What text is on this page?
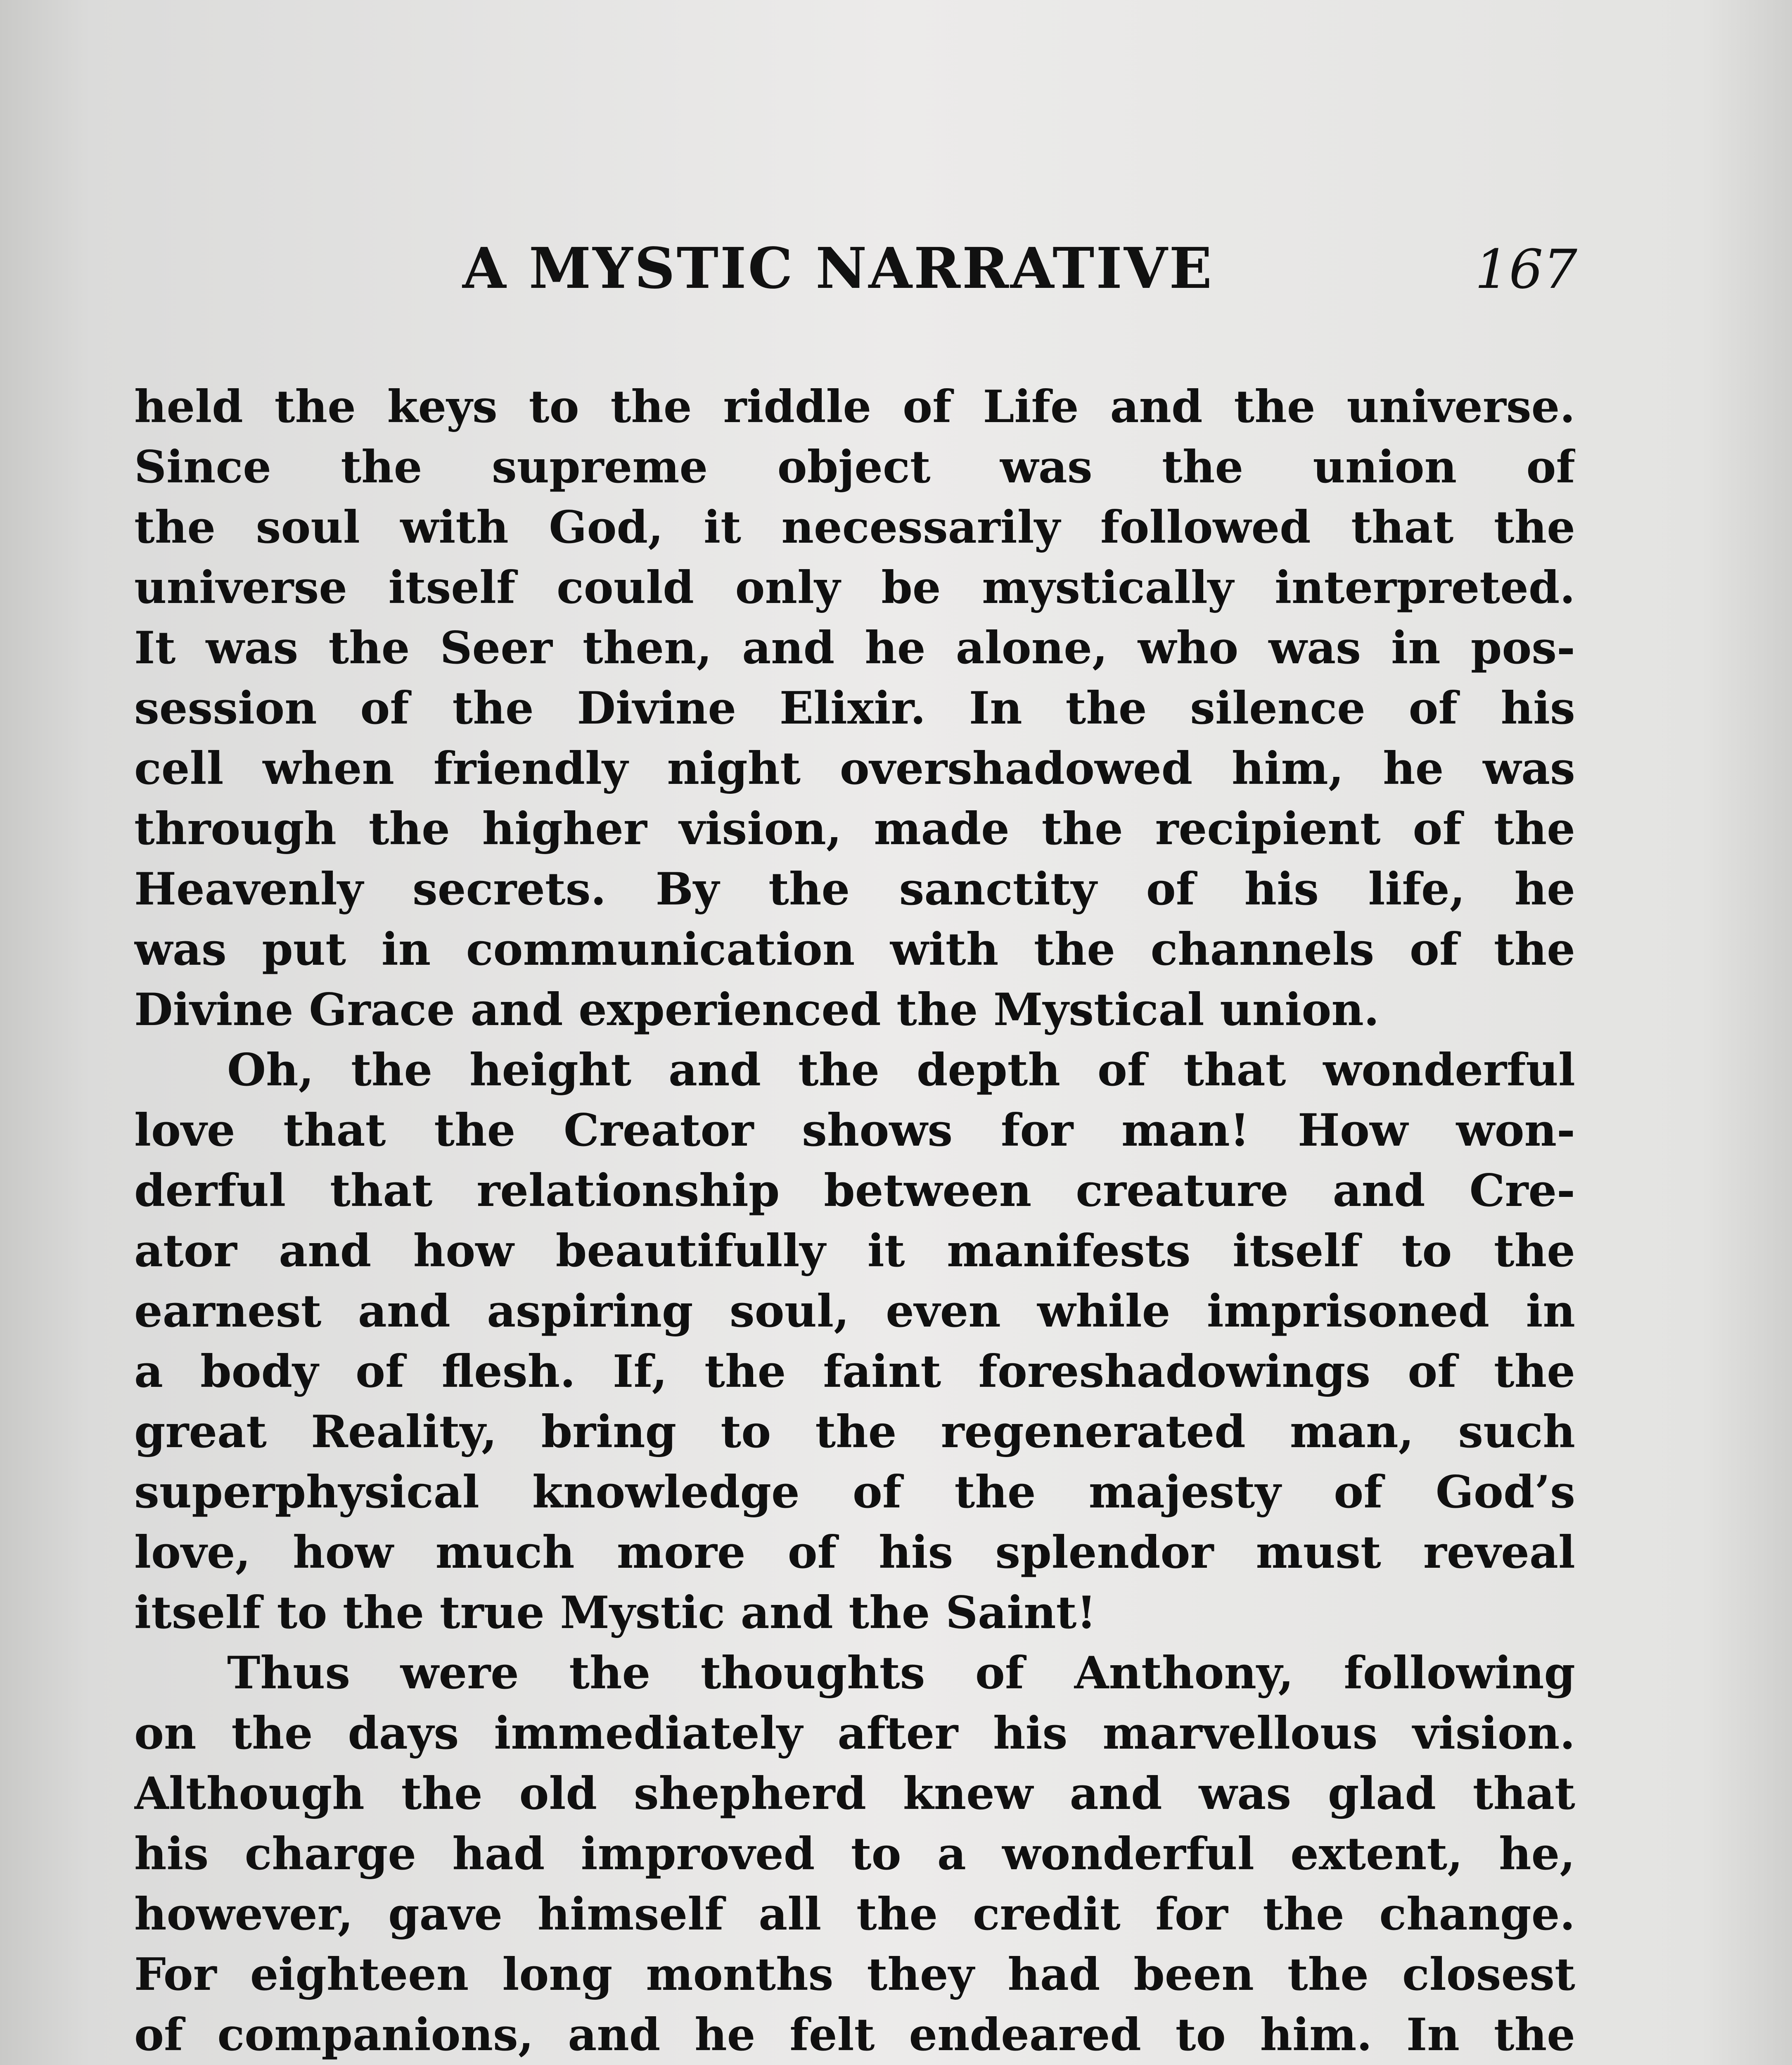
A MYSTIC NARRATIVE	167
held the keys to the riddle of Life and the universe.
Since the supreme object was the union of
the soul with God, it necessarily followed that the
universe itself could only be mystically interpreted.
It was the Seer then, and he alone, who was in pos-
session of the Divine Elixir. In the silence of his
cell when friendly night overshadowed him, he was
through the higher vision, made the recipient of the
Heavenly secrets. By the sanctity of his life, he
was put in communication with the channels of the
Divine Grace and experienced the Mystical union.
Oh, the height and the depth of that wonderful
love that the Creator shows for man! How won-
derful that relationship between creature and Cre-
ator and how beautifully it manifests itself to the
earnest and aspiring soul, even while imprisoned in
a body of flesh. If, the faint foreshadowings of the
great Reality, bring to the regenerated man, such
superphysical knowledge of the majesty of God’s
love, how much more of his splendor must reveal
itself to the true Mystic and the Saint!
Thus were the thoughts of Anthony, following
on the days immediately after his marvellous vision.
Although the old shepherd knew and was glad that
his charge had improved to a wonderful extent, he,
however, gave himself all the credit for the change.
For eighteen long months they had been the closest
of companions, and he felt endeared to him. In the
